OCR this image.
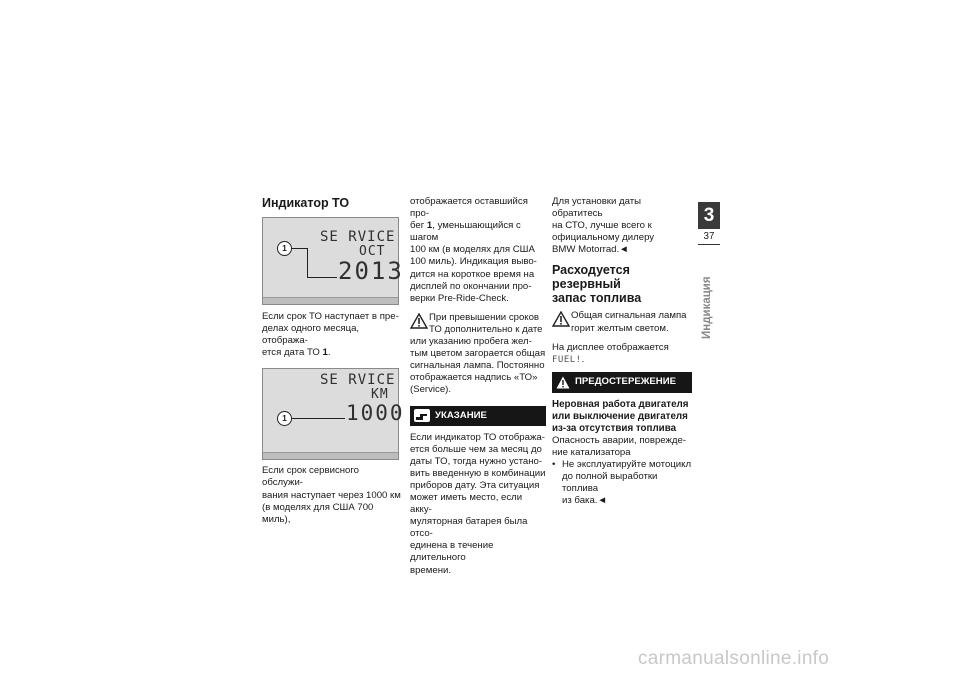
Индикатор ТО
SE RVICE
OCT
2013
1

Если срок ТО наступает в пре-

делах одного месяца, отобража-

ется дата ТО 1.

SE RVICE
KM
1000
1

Если срок сервисного обслужи-

вания наступает через 1000 км

(в моделях для США 700 миль),

отображается оставшийся про-

бег 1, уменьшающийся с шагом

100 км (в моделях для США

100 миль). Индикация выво-

дится на короткое время на

дисплей по окончании про-

верки Pre-Ride-Check.

При превышении сроков

ТО дополнительно к дате

или указанию пробега жел-

тым цветом загорается общая

сигнальная лампа. Постоянно

отображается надпись «ТО»

(Service).

УКАЗАНИЕ

Если индикатор ТО отобража-

ется больше чем за месяц до

даты ТО, тогда нужно устано-

вить введенную в комбинации

приборов дату. Эта ситуация

может иметь место, если акку-

муляторная батарея была отсо-

единена в течение длительного

времени.

Для установки даты обратитесь

на СТО, лучше всего к

официальному дилеру

BMW Motorrad.◄

Расходуется резервный
запас топлива

Общая сигнальная лампа

горит желтым светом.

На дисплее отображается

FUEL!.

ПРЕДОСТЕРЕЖЕНИЕ
Неровная работа двигателя
или выключение двигателя
из-за отсутствия топлива

Опасность аварии, поврежде-

ние катализатора

• Не эксплуатируйте мотоцикл

до полной выработки топлива

из бака.◄

3
37
Индикация
carmanualsonline.info
